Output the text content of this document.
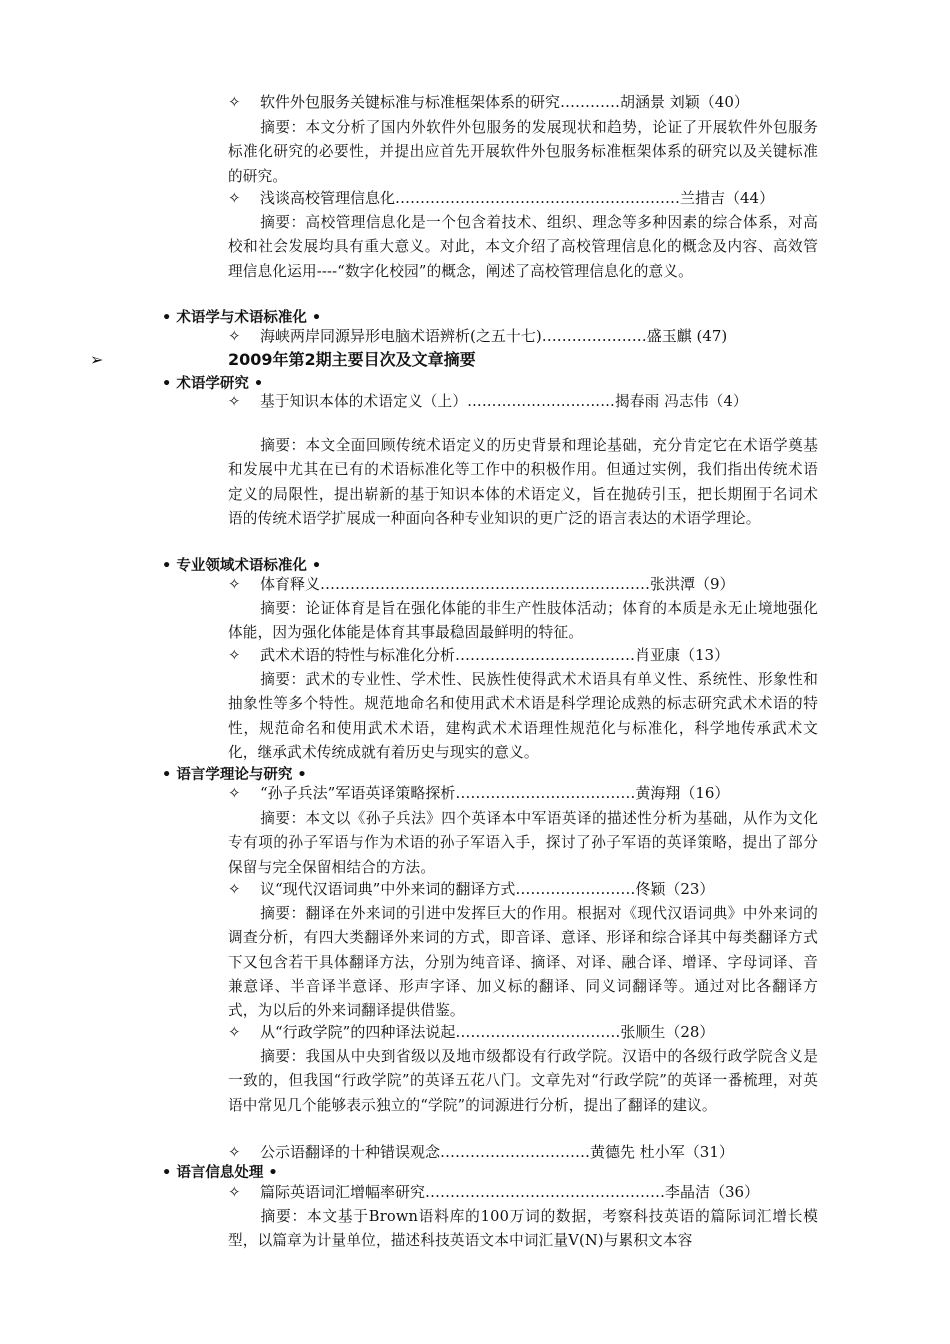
✧ 软件外包服务关键标准与标准框架体系的研究…………胡涵景 刘颖（40）
摘要：本文分析了国内外软件外包服务的发展现状和趋势，论证了开展软件外包服务标准化研究的必要性，并提出应首先开展软件外包服务标准框架体系的研究以及关键标准的研究。
✧ 浅谈高校管理信息化…………………………………………………兰措吉（44）
摘要：高校管理信息化是一个包含着技术、组织、理念等多种因素的综合体系，对高校和社会发展均具有重大意义。对此，本文介绍了高校管理信息化的概念及内容、高效管理信息化运用----“数字化校园”的概念，阐述了高校管理信息化的意义。
• 术语学与术语标准化 •
✧ 海峡两岸同源异形电脑术语辨析(之五十七)…………………盛玉麒 (47)
➢	2009年第2期主要目次及文章摘要
• 术语学研究 •
✧ 基于知识本体的术语定义（上）…………………………揭春雨 冯志伟（4）
摘要：本文全面回顾传统术语定义的历史背景和理论基础，充分肯定它在术语学奠基和发展中尤其在已有的术语标准化等工作中的积极作用。但通过实例，我们指出传统术语定义的局限性，提出崭新的基于知识本体的术语定义，旨在抛砖引玉，把长期囿于名词术语的传统术语学扩展成一种面向各种专业知识的更广泛的语言表达的术语学理论。
• 专业领域术语标准化 •
✧ 体育释义…………………………………………………………张洪潭（9）
摘要：论证体育是旨在强化体能的非生产性肢体活动；体育的本质是永无止境地强化体能，因为强化体能是体育其事最稳固最鲜明的特征。
✧ 武术术语的特性与标准化分析………………………………肖亚康（13）
摘要：武术的专业性、学术性、民族性使得武术术语具有单义性、系统性、形象性和抽象性等多个特性。规范地命名和使用武术术语是科学理论成熟的标志研究武术术语的特性，规范命名和使用武术术语，建构武术术语理性规范化与标准化，科学地传承武术文化，继承武术传统成就有着历史与现实的意义。
• 语言学理论与研究 •
✧ “孙子兵法”军语英译策略探析………………………………黄海翔（16）
摘要：本文以《孙子兵法》四个英译本中军语英译的描述性分析为基础，从作为文化专有项的孙子军语与作为术语的孙子军语入手，探讨了孙子军语的英译策略，提出了部分保留与完全保留相结合的方法。
✧ 议“现代汉语词典”中外来词的翻译方式……………………佟颖（23）
摘要：翻译在外来词的引进中发挥巨大的作用。根据对《现代汉语词典》中外来词的调查分析，有四大类翻译外来词的方式，即音译、意译、形译和综合译其中每类翻译方式下又包含若干具体翻译方法，分别为纯音译、摘译、对译、融合译、增译、字母词译、音兼意译、半音译半意译、形声字译、加义标的翻译、同义词翻译等。通过对比各翻译方式，为以后的外来词翻译提供借鉴。
✧ 从“行政学院”的四种译法说起……………………………张顺生（28）
摘要：我国从中央到省级以及地市级都设有行政学院。汉语中的各级行政学院含义是一致的，但我国“行政学院”的英译五花八门。文章先对“行政学院”的英译一番梳理，对英语中常见几个能够表示独立的“学院”的词源进行分析，提出了翻译的建议。
✧ 公示语翻译的十种错误观念…………………………黄德先 杜小军（31）
• 语言信息处理 •
✧ 篇际英语词汇增幅率研究…………………………………………李晶洁（36）
摘要：本文基于Brown语料库的100万词的数据，考察科技英语的篇际词汇增长模型，以篇章为计量单位，描述科技英语文本中词汇量V(N)与累积文本容
